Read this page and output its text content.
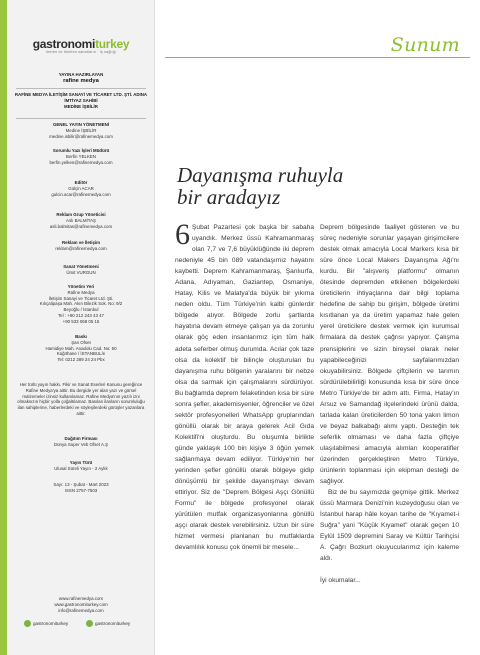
gastronomiturkey
üreten ve tüketen sanatların · İş sağlığı
YAYINA HAZIRLAYAN
rafine medya
RAFİNE MEDYA İLETİŞİM SANAYİ VE TİCARET LTD. ŞTİ. ADINA İMTİYAZ SAHİBİ
MEDİNE İŞBİLİR
GENEL YAYIN YÖNETMENİ
Medine İŞBİLİR
medine.isbilir@rafinemedya.com
Sorumlu Yazı İşleri Müdürü
Berfin YELKEN
berfin.yelken@rafinemedya.com
Editör
Gülçin ACAR
gulcin.acar@rafinemedya.com
Reklam Grup Yöneticisi
Aslı BALMİTAŞ
asli.balmitas@rafinemedya.com
Reklam ve İletişim
reklam@rafinemedya.com
Sanat Yönetmeni
Ümit VURGUN
Yönetim Yeri
Rafine Medya
İletişim Sanayi ve Ticaret Ltd. Şti.
Kılıçalipaşa Mah. Akın Bilezik Sok. No: 9/2
Beyoğlu / İstanbul
Tel : +90 212 243 43 47
+90 533 068 05 15
Baskı
Şan Ofset
Hamidiye Mah. Anadolu Cad. No: 50
Kağıthane / İSTANBUL/e
Tel: 0212 289 24 24 Pbx
Her türlü yayın hakkı. Fikir ve Sanat Eserleri Kanunu gereğince Rafine Medya'ya aittir. Bu dergide yer alan yazı ve görsel malzemeler izinsiz kullanılamaz. Rafine Medya'nın yazılı izni olmaksızın hiçbir yolla çoğaltılamaz. Basılan ilanların sorumluluğu ilan sahiplerine, haberlerdeki ve söyleşilerdeki görüşler yazanlara aittir.
Dağıtım Firması
Dünya Super Veb Ofset A.Ş
Yayın Türü
Ulusal Süreli Yayın - 2 Aylık
Sayı: 13 - Şubat - Mart 2023
ISSN 2757-7503
www.rafinemedya.com
www.gastronomiturkey.com
info@rafinemedya.com
gastronomiturkey	gastronomiturkey
Sunum
Dayanışma ruhuyla
bir aradayız

6 Şubat Pazartesi çok başka bir sabaha uyandık. Merkez üssü Kahramanmaraş olan 7,7 ve 7,6 büyüklüğünde iki deprem nedeniyle 45 bin 089 vatandaşımız hayatını kaybetti. Deprem Kahramanmaraş, Şanlıurfa, Adana, Adıyaman, Gaziantep, Osmaniye, Hatay, Kilis ve Malatya'da büyük bir yıkıma neden oldu. Tüm Türkiye'nin kalbi günlerdir bölgede atıyor. Bölgede zorlu şartlarda hayatına devam etmeye çalışan ya da zorunlu olarak göç eden insanlarımız için tüm halk adeta seferber olmuş durumda. Acılar çok taze olsa da kolektif bir bilinçle oluşturulan bu dayanışma ruhu bölgenin yaralarını bir nebze olsa da sarmak için çalışmalarını sürdürüyor. Bu bağlamda deprem felaketinden kısa bir süre sonra şefler, akademisyenler, öğrenciler ve özel sektör profesyonelleri WhatsApp gruplarından gönüllü olarak bir araya gelerek Acil Gıda Kolektifi'ni oluşturdu. Bu oluşumla birlikte günde yaklaşık 100 bin kişiye 3 öğün yemek sağlanmaya devam ediliyor. Türkiye'nin her yerinden şefler gönüllü olarak bölgeye gidip dönüşümlü bir şekilde dayanışmayı devam ettiriyor. Siz de "Deprem Bölgesi Aşçı Gönüllü Formu" ile bölgede profesyonel olarak yürütülen mutfak organizasyonlarına gönüllü aşçı olarak destek verebilirsiniz. Uzun bir süre hizmet vermesi planlanan bu mutfaklarda devamlılık konusu çok önemli bir mesele...

Deprem bölgesinde faaliyet gösteren ve bu süreç nedeniyle sorunlar yaşayan girişimcilere destek olmak amacıyla Local Markers kısa bir süre önce Local Makers Dayanışma Ağı'nı kurdu. Bir "alışveriş platformu" olmanın ötesinde depremden etkilenen bölgelerdeki üreticilerin ihtiyaçlarına dair bilgi toplama hedefine de sahip bu girişim, bölgede üretimi kısıtlanan ya da üretim yapamaz hale gelen yerel üreticilere destek vermek için kurumsal firmalara da destek çağrısı yapıyor. Çalışma prensiplerini ve sizin bireysel olarak neler yapabileceğinizi sayfalarımızdan okuyabilirsiniz. Bölgede çiftçilerin ve tarımın sürdürülebilirliği konusunda kısa bir süre önce Metro Türkiye'de bir adım attı. Firma, Hatay'ın Arsuz ve Samandağ ilçelerindeki ürünü dalda, tarlada kalan üreticilerden 50 tona yakın limon ve beyaz balkabağı alımı yaptı. Desteğin tek seferlik olmaması ve daha fazla çiftçiye ulaşılabilmesi amacıyla alımları kooperatifler üzerinden gerçekleştiren Metro Türkiye, ürünlerin toplanması için ekipman desteği de sağlıyor.

Biz de bu sayımızda geçmişe gittik. Merkez üssü Marmara Denizi'nin kuzeydoğusu olan ve İstanbul harap hâle koyan tarihe de "Kıyamet-i Suğra" yani "Küçük Kıyamet" olarak geçen 10 Eylül 1509 depremini Saray ve Kültür Tarihçisi A. Çağrı Bozkurt okuyucularımız için kaleme aldı.

İyi okumalar...
